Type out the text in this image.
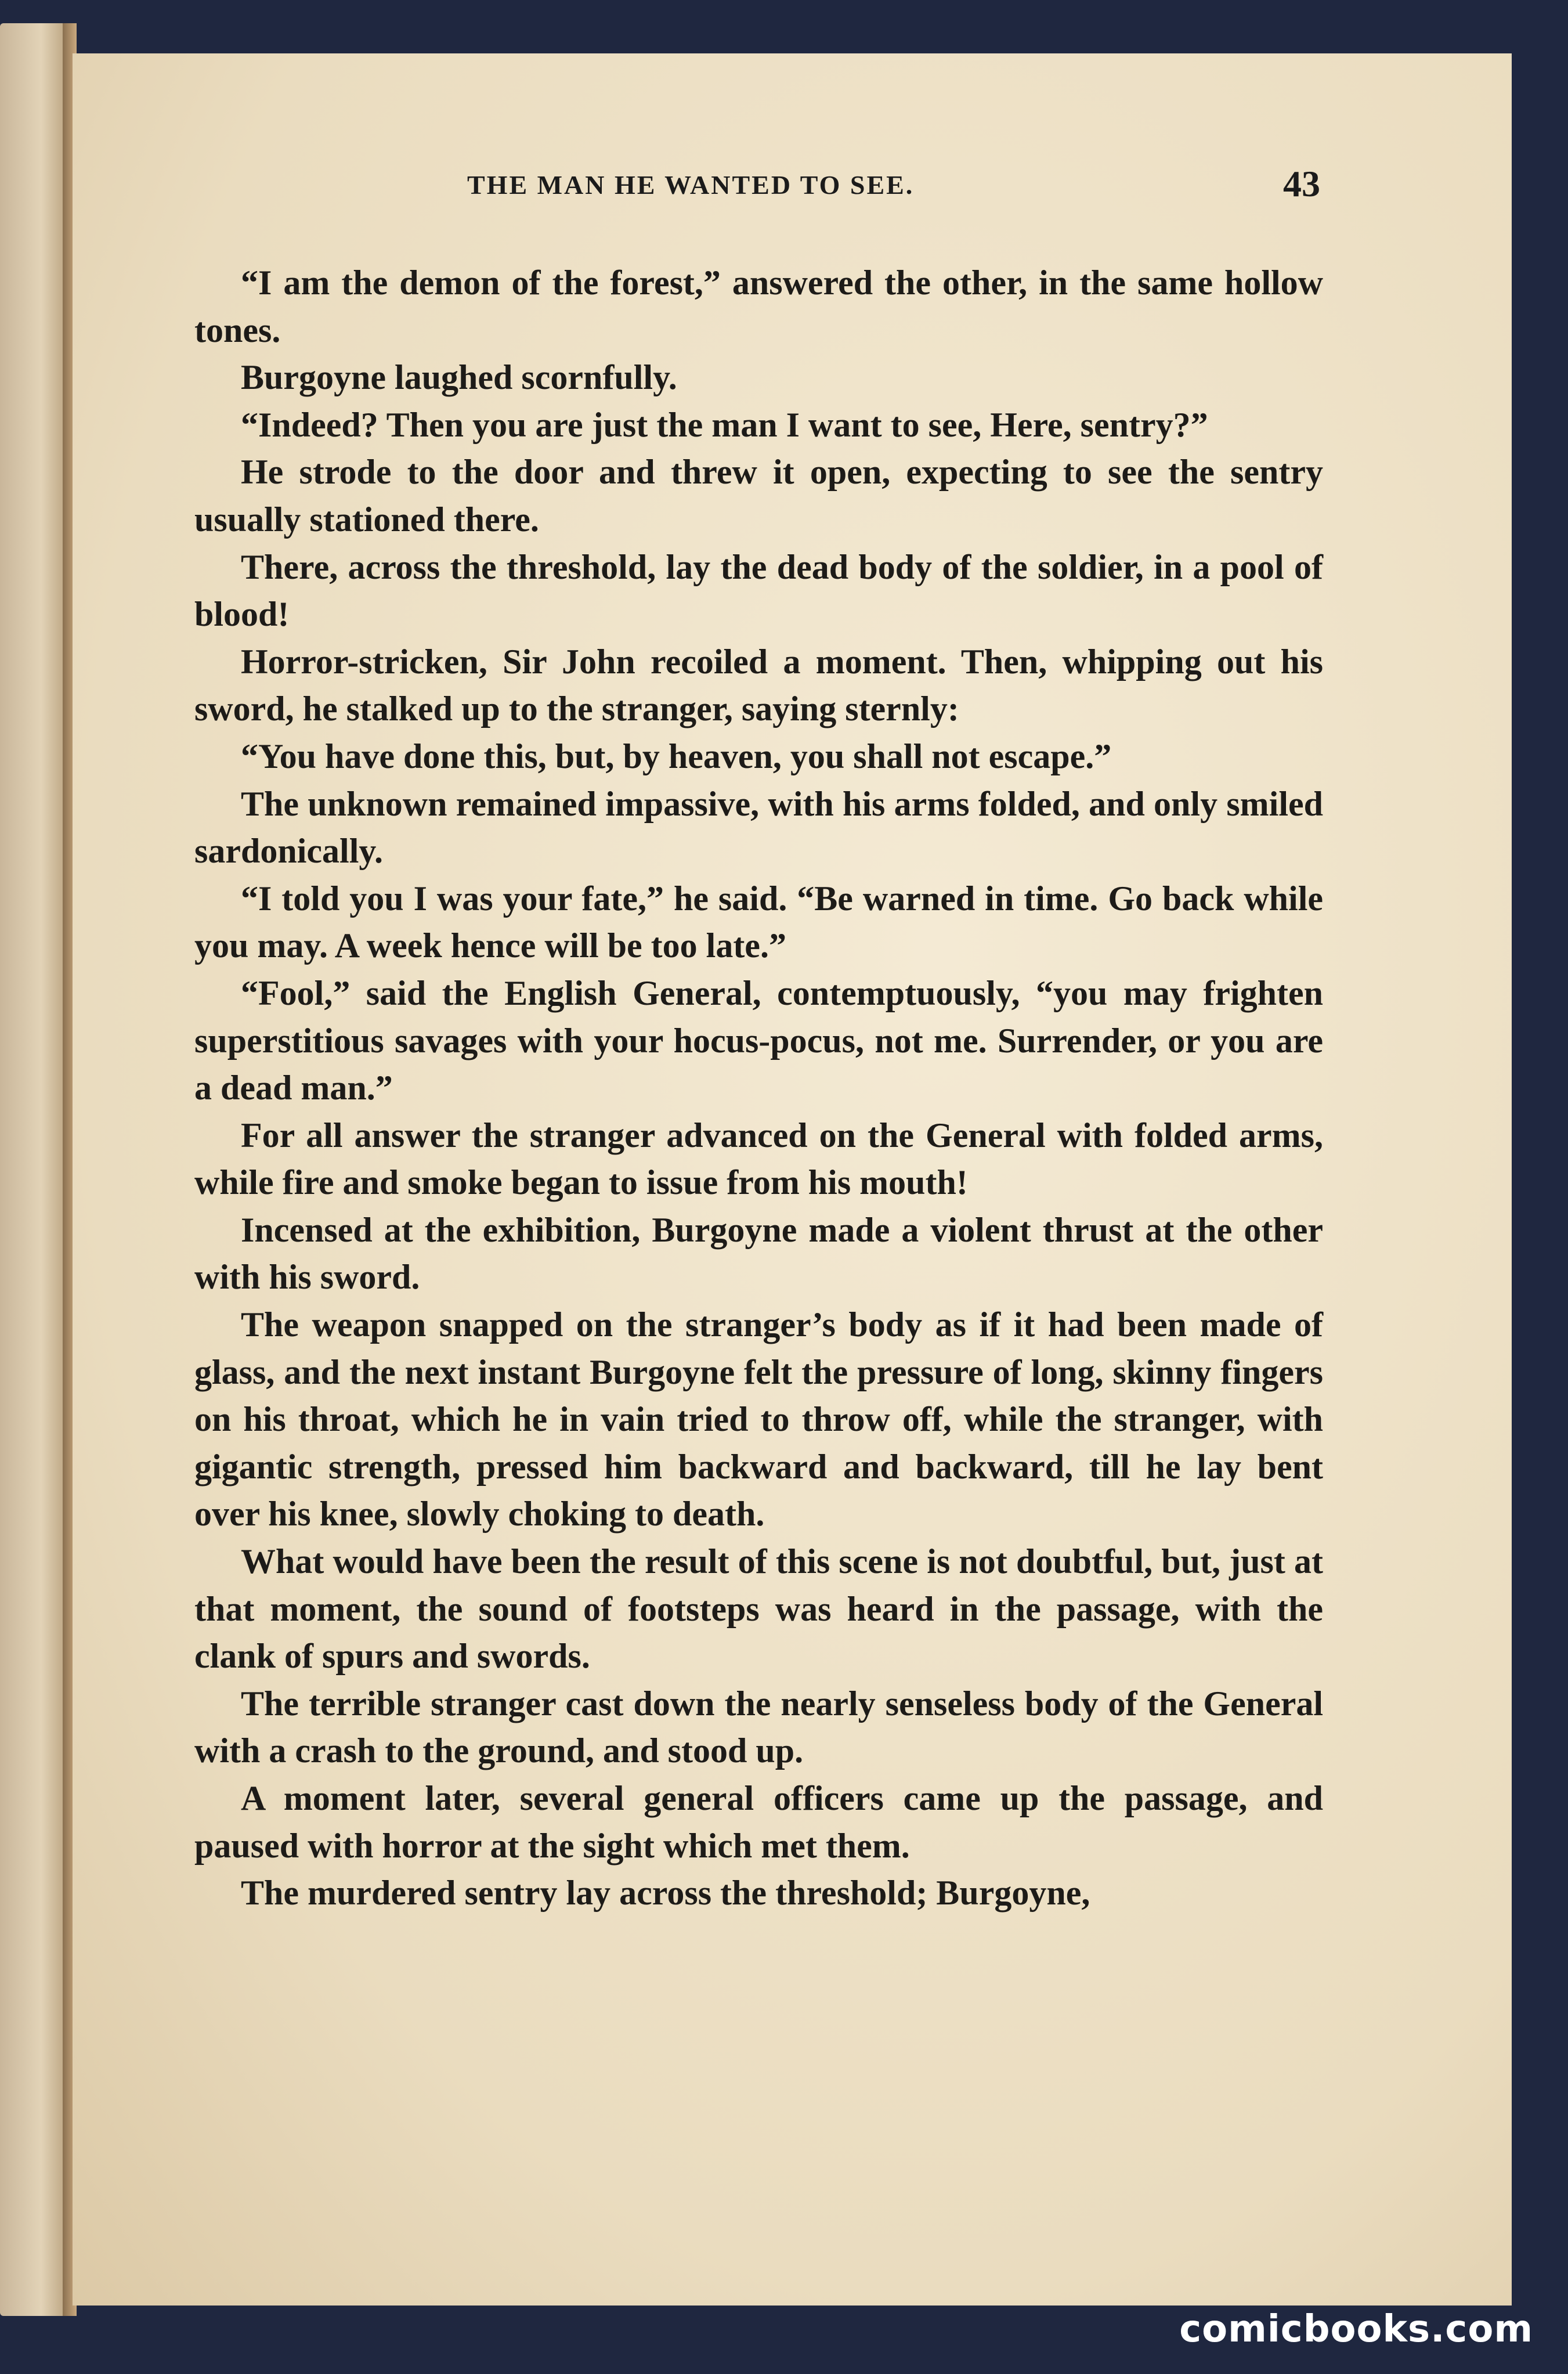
THE MAN HE WANTED TO SEE.	43

“I am the demon of the forest,” answered the other, in the same hollow tones.

Burgoyne laughed scornfully.

“Indeed? Then you are just the man I want to see, Here, sentry?”

He strode to the door and threw it open, expecting to see the sentry usually stationed there.

There, across the threshold, lay the dead body of the soldier, in a pool of blood!

Horror-stricken, Sir John recoiled a moment. Then, whipping out his sword, he stalked up to the stranger, saying sternly:

“You have done this, but, by heaven, you shall not escape.”

The unknown remained impassive, with his arms folded, and only smiled sardonically.

“I told you I was your fate,” he said. “Be warned in time. Go back while you may. A week hence will be too late.”

“Fool,” said the English General, contemptuously, “you may frighten superstitious savages with your hocus-pocus, not me. Surrender, or you are a dead man.”

For all answer the stranger advanced on the General with folded arms, while fire and smoke began to issue from his mouth!

Incensed at the exhibition, Burgoyne made a violent thrust at the other with his sword.

The weapon snapped on the stranger’s body as if it had been made of glass, and the next instant Burgoyne felt the pressure of long, skinny fingers on his throat, which he in vain tried to throw off, while the stranger, with gigantic strength, pressed him backward and backward, till he lay bent over his knee, slowly choking to death.

What would have been the result of this scene is not doubtful, but, just at that moment, the sound of footsteps was heard in the passage, with the clank of spurs and swords.

The terrible stranger cast down the nearly senseless body of the General with a crash to the ground, and stood up.

A moment later, several general officers came up the passage, and paused with horror at the sight which met them.

The murdered sentry lay across the threshold; Burgoyne,

comicbooks.com
